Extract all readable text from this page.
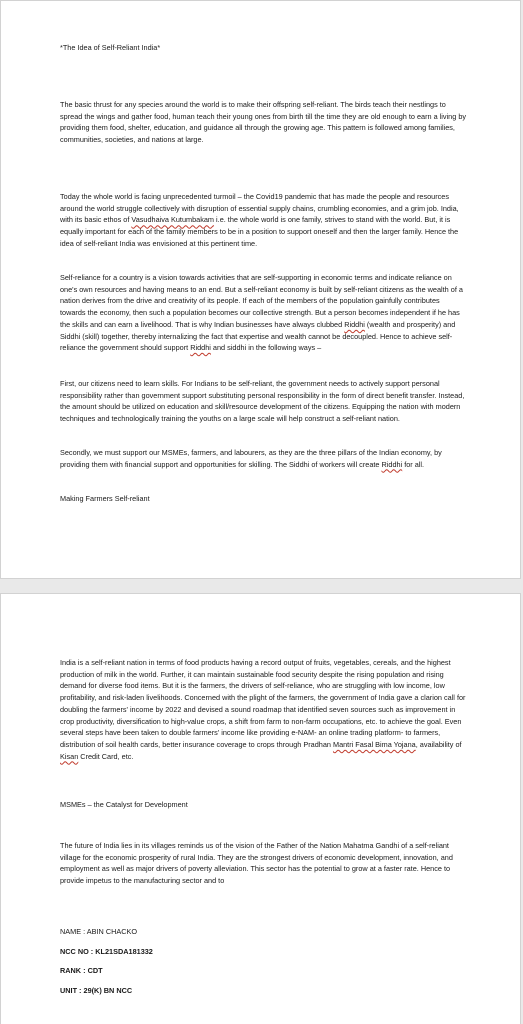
*The Idea of Self-Reliant India*

The basic thrust for any species around the world is to make their offspring self-reliant. The birds teach their nestlings to spread the wings and gather food, human teach their young ones from birth till the time they are old enough to earn a living by providing them food, shelter, education, and guidance all through the growing age. This pattern is followed among families, communities, societies, and nations at large.

Today the whole world is facing unprecedented turmoil – the Covid19 pandemic that has made the people and resources around the world struggle collectively with disruption of essential supply chains, crumbling economies, and a grim job. India, with its basic ethos of Vasudhaiva Kutumbakam i.e. the whole world is one family, strives to stand with the world. But, it is equally important for each of the family members to be in a position to support oneself and then the larger family. Hence the idea of self-reliant India was envisioned at this pertinent time.

Self-reliance for a country is a vision towards activities that are self-supporting in economic terms and indicate reliance on one's own resources and having means to an end. But a self-reliant economy is built by self-reliant citizens as the wealth of a nation derives from the drive and creativity of its people. If each of the members of the population gainfully contributes towards the economy, then such a population becomes our collective strength. But a person becomes independent if he has the skills and can earn a livelihood. That is why Indian businesses have always clubbed Riddhi (wealth and prosperity) and Siddhi (skill) together, thereby internalizing the fact that expertise and wealth cannot be decoupled. Hence to achieve self-reliance the government should support Riddhi and siddhi in the following ways –

First, our citizens need to learn skills. For Indians to be self-reliant, the government needs to actively support personal responsibility rather than government support substituting personal responsibility in the form of direct benefit transfer. Instead, the amount should be utilized on education and skill/resource development of the citizens. Equipping the nation with modern techniques and technologically training the youths on a large scale will help construct a self-reliant nation.

Secondly, we must support our MSMEs, farmers, and labourers, as they are the three pillars of the Indian economy, by providing them with financial support and opportunities for skilling. The Siddhi of workers will create Riddhi for all.

Making Farmers Self-reliant

India is a self-reliant nation in terms of food products having a record output of fruits, vegetables, cereals, and the highest production of milk in the world. Further, it can maintain sustainable food security despite the rising population and rising demand for diverse food items. But it is the farmers, the drivers of self-reliance, who are struggling with low income, low profitability, and risk-laden livelihoods. Concerned with the plight of the farmers, the government of India gave a clarion call for doubling the farmers' income by 2022 and devised a sound roadmap that identified seven sources such as improvement in crop productivity, diversification to high-value crops, a shift from farm to non-farm occupations, etc. to achieve the goal. Even several steps have been taken to double farmers' income like providing e-NAM- an online trading platform- to farmers, distribution of soil health cards, better insurance coverage to crops through Pradhan Mantri Fasal Bima Yojana, availability of Kisan Credit Card, etc.

MSMEs – the Catalyst for Development

The future of India lies in its villages reminds us of the vision of the Father of the Nation Mahatma Gandhi of a self-reliant village for the economic prosperity of rural India. They are the strongest drivers of economic development, innovation, and employment as well as major drivers of poverty alleviation. This sector has the potential to grow at a faster rate. Hence to provide impetus to the manufacturing sector and to

NAME : ABIN CHACKO

NCC NO : KL21SDA181332

RANK : CDT

UNIT : 29(K) BN NCC
